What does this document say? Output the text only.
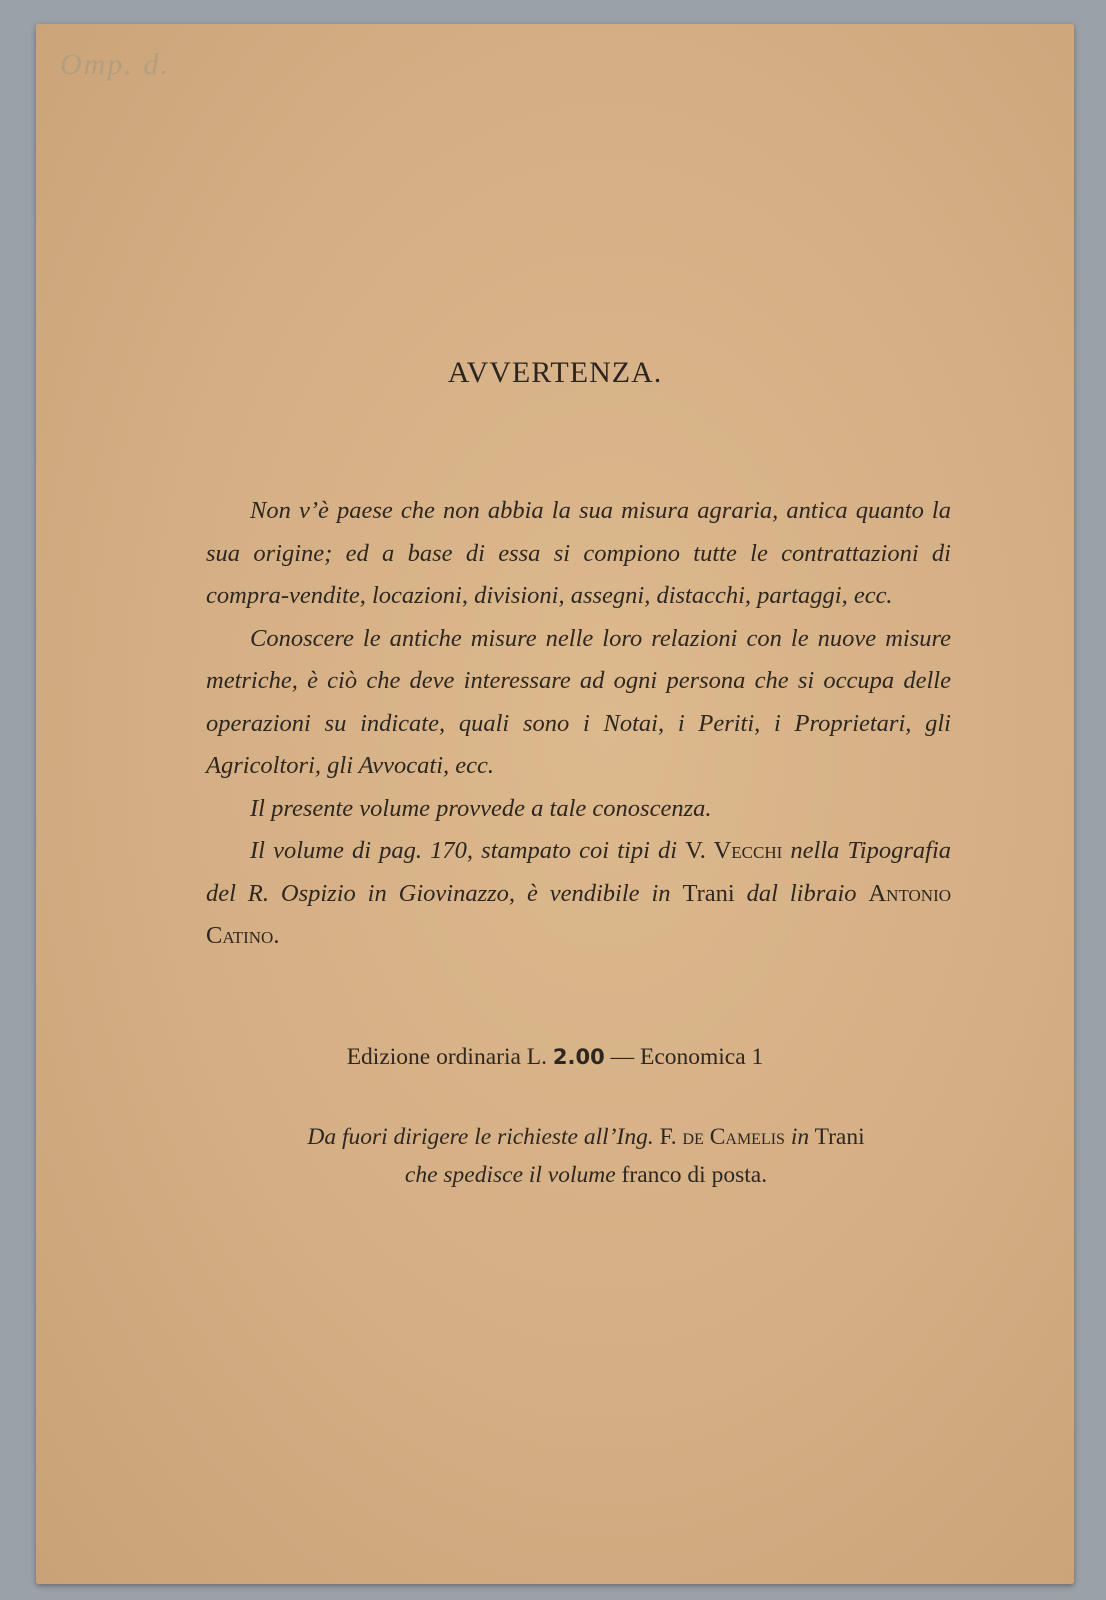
Omp. d.
AVVERTENZA.

Non v’è paese che non abbia la sua misura agraria, antica quanto la sua origine; ed a base di essa si compiono tutte le contrattazioni di compra-vendite, locazioni, divisioni, assegni, distacchi, partaggi, ecc.

Conoscere le antiche misure nelle loro relazioni con le nuove misure metriche, è ciò che deve interessare ad ogni persona che si occupa delle operazioni su indicate, quali sono i Notai, i Periti, i Proprietari, gli Agricoltori, gli Avvocati, ecc.

Il presente volume provvede a tale conoscenza.

Il volume di pag. 170, stampato coi tipi di V. Vecchi nella Tipografia del R. Ospizio in Giovinazzo, è vendibile in Trani dal libraio Antonio Catino.

Edizione ordinaria L. 2.00 — Economica 1
Da fuori dirigere le richieste all’Ing. F. de Camelis in Trani
che spedisce il volume franco di posta.
